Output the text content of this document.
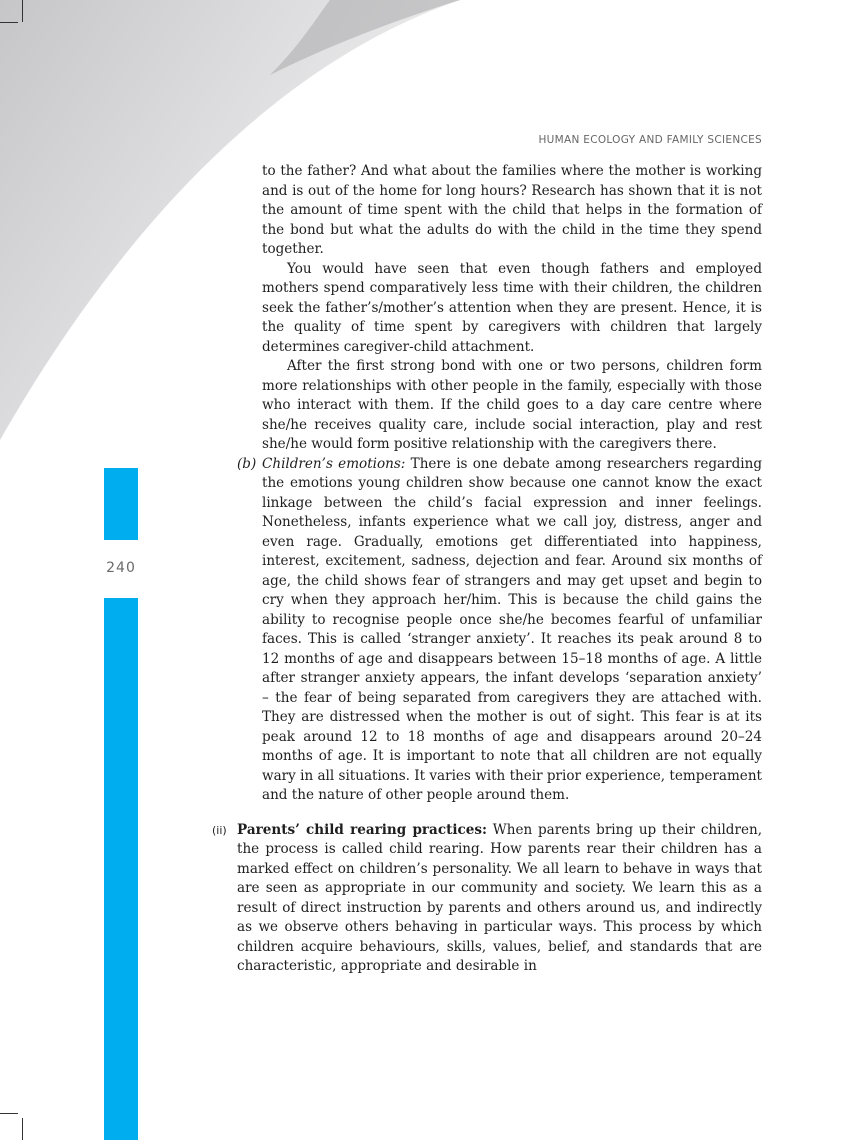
240
HUMAN ECOLOGY AND FAMILY SCIENCES

to the father? And what about the families where the mother is working and is out of the home for long hours? Research has shown that it is not the amount of time spent with the child that helps in the formation of the bond but what the adults do with the child in the time they spend together.

You would have seen that even though fathers and employed mothers spend comparatively less time with their children, the children seek the father’s/mother’s attention when they are present. Hence, it is the quality of time spent by caregivers with children that largely determines caregiver-child attachment.

After the first strong bond with one or two persons, children form more relationships with other people in the family, especially with those who interact with them. If the child goes to a day care centre where she/he receives quality care, include social interaction, play and rest she/he would form positive relationship with the caregivers there.

(b) Children’s emotions: There is one debate among researchers regarding the emotions young children show because one cannot know the exact linkage between the child’s facial expression and inner feelings. Nonetheless, infants experience what we call joy, distress, anger and even rage. Gradually, emotions get differentiated into happiness, interest, excitement, sadness, dejection and fear. Around six months of age, the child shows fear of strangers and may get upset and begin to cry when they approach her/him. This is because the child gains the ability to recognise people once she/he becomes fearful of unfamiliar faces. This is called ‘stranger anxiety’. It reaches its peak around 8 to 12 months of age and disappears between 15–18 months of age. A little after stranger anxiety appears, the infant develops ‘separation anxiety’ – the fear of being separated from caregivers they are attached with. They are distressed when the mother is out of sight. This fear is at its peak around 12 to 18 months of age and disappears around 20–24 months of age. It is important to note that all children are not equally wary in all situations. It varies with their prior experience, temperament and the nature of other people around them.
(ii) Parents’ child rearing practices: When parents bring up their children, the process is called child rearing. How parents rear their children has a marked effect on children’s personality. We all learn to behave in ways that are seen as appropriate in our community and society. We learn this as a result of direct instruction by parents and others around us, and indirectly as we observe others behaving in particular ways. This process by which children acquire behaviours, skills, values, belief, and standards that are characteristic, appropriate and desirable in
